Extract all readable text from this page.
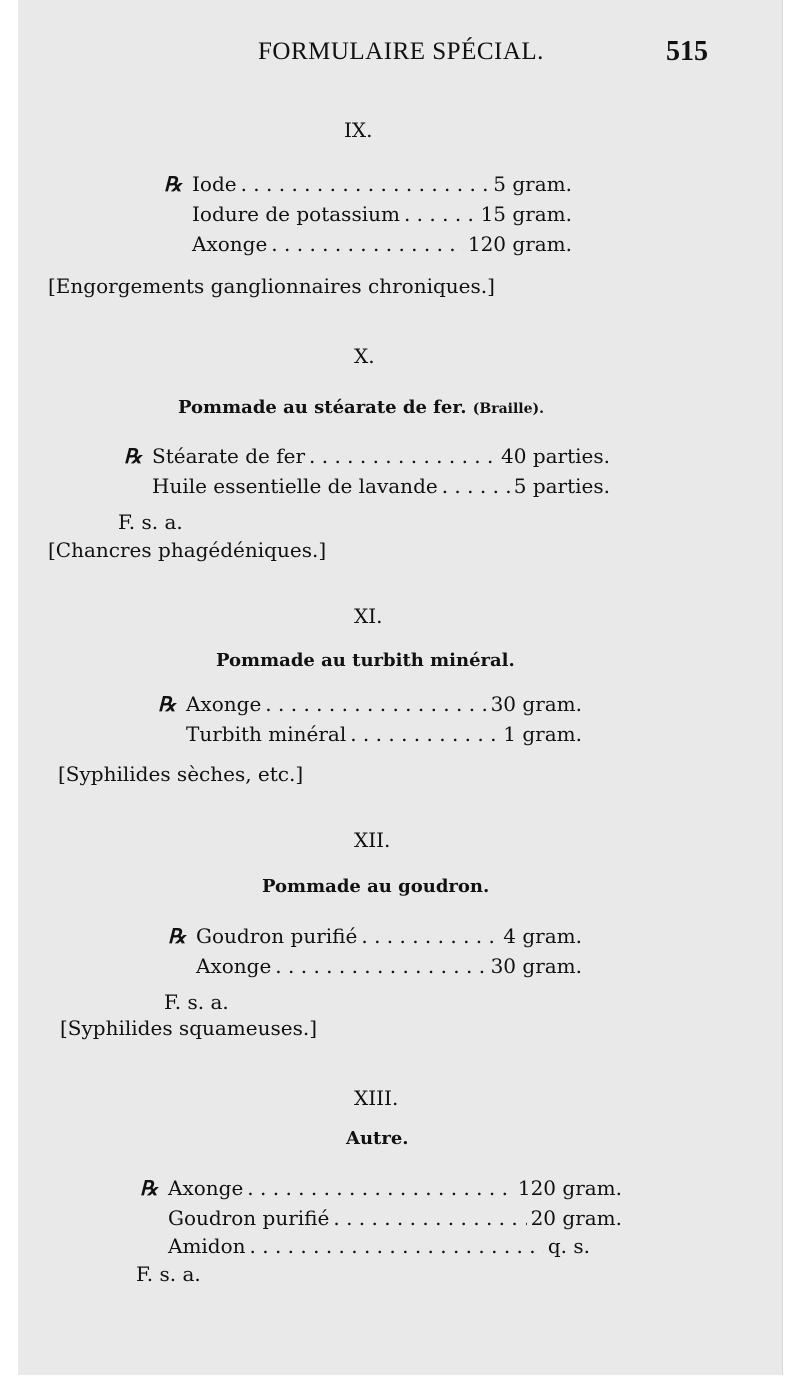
FORMULAIRE SPÉCIAL.	515
IX.
℞ Iode . . .	5 gram.
Iodure de potassium . . .	15 gram.
Axonge . . .	120 gram.
[Engorgements ganglionnaires chroniques.]
X.
Pommade au stéarate de fer. (Braille).
℞ Stéarate de fer . . .	40 parties.
Huile essentielle de lavande . . .	5 parties.
F. s. a.
[Chancres phagédéniques.]
XI.
Pommade au turbith minéral.
℞ Axonge . . .	30 gram.
Turbith minéral . . .	1 gram.
[Syphilides sèches, etc.]
XII.
Pommade au goudron.
℞ Goudron purifié . . .	4 gram.
Axonge . . .	30 gram.
F. s. a.
[Syphilides squameuses.]
XIII.
Autre.
℞ Axonge . . .	120 gram.
Goudron purifié . . .	20 gram.
Amidon . . .	q. s.
F. s. a.
